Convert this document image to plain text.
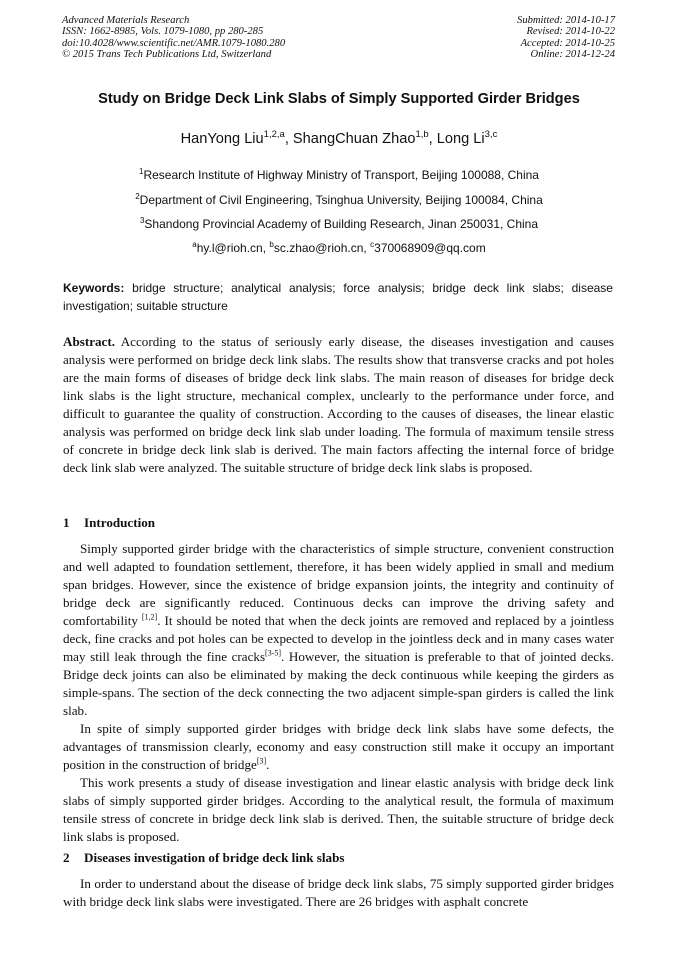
Advanced Materials Research
ISSN: 1662-8985, Vols. 1079-1080, pp 280-285
doi:10.4028/www.scientific.net/AMR.1079-1080.280
© 2015 Trans Tech Publications Ltd, Switzerland
Submitted: 2014-10-17
Revised: 2014-10-22
Accepted: 2014-10-25
Online: 2014-12-24
Study on Bridge Deck Link Slabs of Simply Supported Girder Bridges
HanYong Liu$^{1,2,a}$, ShangChuan Zhao$^{1,b}$, Long Li$^{3,c}$
$^1$Research Institute of Highway Ministry of Transport, Beijing 100088, China
$^2$Department of Civil Engineering, Tsinghua University, Beijing 100084, China
$^3$Shandong Provincial Academy of Building Research, Jinan 250031, China
$^a$hy.l@rioh.cn, $^b$sc.zhao@rioh.cn, $^c$370068909@qq.com
Keywords: bridge structure; analytical analysis; force analysis; bridge deck link slabs; disease investigation; suitable structure

Abstract. According to the status of seriously early disease, the diseases investigation and causes analysis were performed on bridge deck link slabs. The results show that transverse cracks and pot holes are the main forms of diseases of bridge deck link slabs. The main reason of diseases for bridge deck link slabs is the light structure, mechanical complex, unclearly to the performance under force, and difficult to guarantee the quality of construction. According to the causes of diseases, the linear elastic analysis was performed on bridge deck link slab under loading. The formula of maximum tensile stress of concrete in bridge deck link slab is derived. The main factors affecting the internal force of bridge deck link slab were analyzed. The suitable structure of bridge deck link slabs is proposed.

1 Introduction

Simply supported girder bridge with the characteristics of simple structure, convenient construction and well adapted to foundation settlement, therefore, it has been widely applied in small and medium span bridges. However, since the existence of bridge expansion joints, the integrity and continuity of bridge deck are significantly reduced. Continuous decks can improve the driving safety and comfortability [1,2]. It should be noted that when the deck joints are removed and replaced by a jointless deck, fine cracks and pot holes can be expected to develop in the jointless deck and in many cases water may still leak through the fine cracks[3-5]. However, the situation is preferable to that of jointed decks. Bridge deck joints can also be eliminated by making the deck continuous while keeping the girders as simple-spans. The section of the deck connecting the two adjacent simple-span girders is called the link slab.

In spite of simply supported girder bridges with bridge deck link slabs have some defects, the advantages of transmission clearly, economy and easy construction still make it occupy an important position in the construction of bridge[3].

This work presents a study of disease investigation and linear elastic analysis with bridge deck link slabs of simply supported girder bridges. According to the analytical result, the formula of maximum tensile stress of concrete in bridge deck link slab is derived. Then, the suitable structure of bridge deck link slabs is proposed.

2 Diseases investigation of bridge deck link slabs

In order to understand about the disease of bridge deck link slabs, 75 simply supported girder bridges with bridge deck link slabs were investigated. There are 26 bridges with asphalt concrete
